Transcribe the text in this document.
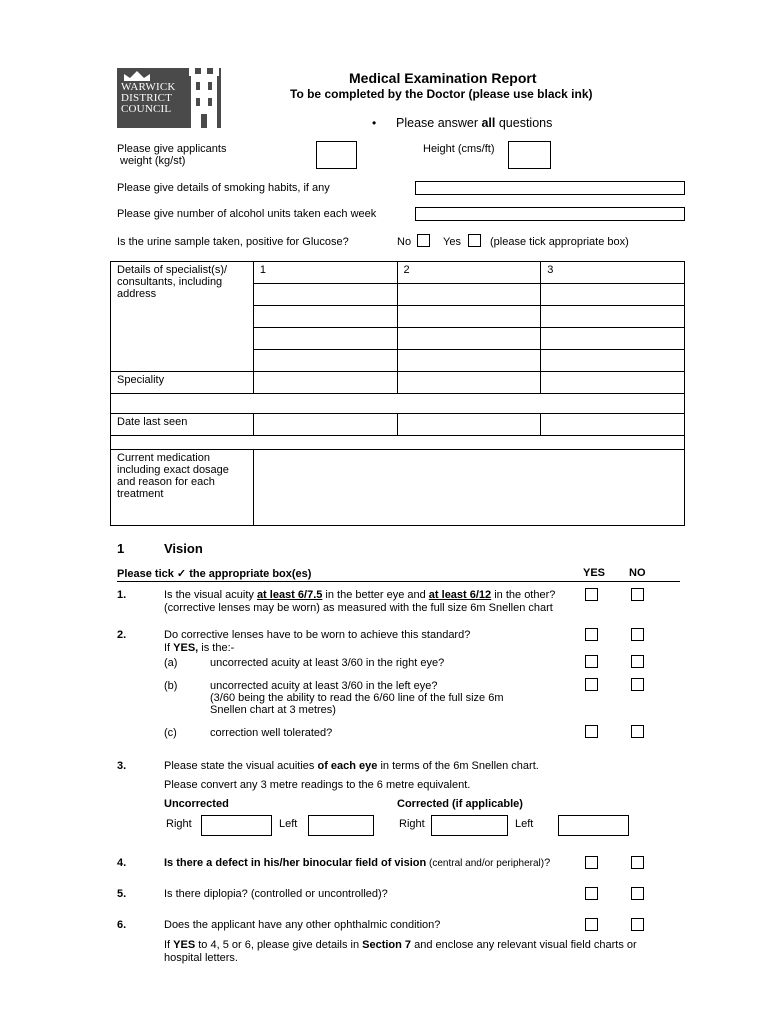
WARWICK
DISTRICT
COUNCIL
Medical Examination Report
To be completed by the Doctor (please use black ink)
• Please answer all questions
Please give applicants
weight (kg/st)
Height (cms/ft)
Please give details of smoking habits, if any
Please give number of alcohol units taken each week
Is the urine sample taken, positive for Glucose?	No	Yes	(please tick appropriate box)
Details of specialist(s)/
consultants, including
address	1	2	3

Speciality			

Date last seen			

Current medication
including exact dosage
and reason for each
treatment			

1	Vision
Please tick ✓ the appropriate box(es)	YES NO
1.	Is the visual acuity at least 6/7.5 in the better eye and at least 6/12 in the other?
(corrective lenses may be worn) as measured with the full size 6m Snellen chart
2.	Do corrective lenses have to be worn to achieve this standard?
If YES, is the:-
(a)	uncorrected acuity at least 3/60 in the right eye?
(b)	uncorrected acuity at least 3/60 in the left eye?
(3/60 being the ability to read the 6/60 line of the full size 6m
Snellen chart at 3 metres)
(c)	correction well tolerated?
3.	Please state the visual acuities of each eye in terms of the 6m Snellen chart.
Please convert any 3 metre readings to the 6 metre equivalent.
Uncorrected	Corrected (if applicable)
Right	Left	Right	Left
4.	Is there a defect in his/her binocular field of vision (central and/or peripheral)?
5.	Is there diplopia? (controlled or uncontrolled)?
6.	Does the applicant have any other ophthalmic condition?
If YES to 4, 5 or 6, please give details in Section 7 and enclose any relevant visual field charts or
hospital letters.
